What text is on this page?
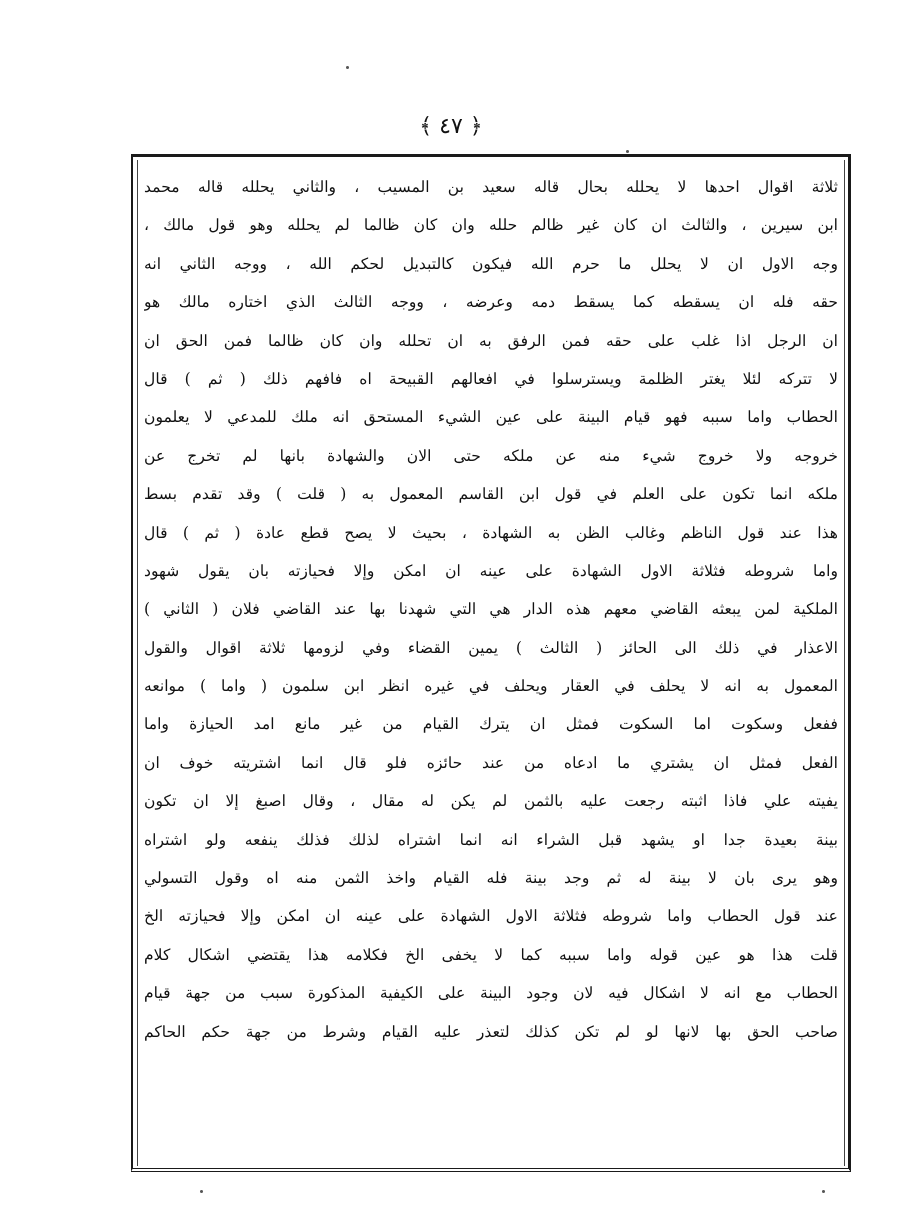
﴿ ٤٧ ﴾
ثلاثة اقوال احدها لا يحلله بحال قاله سعيد بن المسيب ، والثاني يحلله قاله محمد
ابن سيرين ، والثالث ان كان غير ظالم حلله وان كان ظالما لم يحلله وهو قول مالك ،
وجه الاول ان لا يحلل ما حرم الله فيكون كالتبديل لحكم الله ، ووجه الثاني انه
حقه فله ان يسقطه كما يسقط دمه وعرضه ، ووجه الثالث الذي اختاره مالك هو
ان الرجل اذا غلب على حقه فمن الرفق به ان تحلله وان كان ظالما فمن الحق ان
لا تتركه لئلا يغتر الظلمة ويسترسلوا في افعالهم القبيحة اه فافهم ذلك ( ثم ) قال
الحطاب واما سببه فهو قيام البينة على عين الشيء المستحق انه ملك للمدعي لا يعلمون
خروجه ولا خروج شيء منه عن ملكه حتى الان والشهادة بانها لم تخرج عن
ملكه انما تكون على العلم في قول ابن القاسم المعمول به ( قلت ) وقد تقدم بسط
هذا عند قول الناظم وغالب الظن به الشهادة ، بحيث لا يصح قطع عادة ( ثم ) قال
واما شروطه فثلاثة الاول الشهادة على عينه ان امكن وإلا فحيازته بان يقول شهود
الملكية لمن يبعثه القاضي معهم هذه الدار هي التي شهدنا بها عند القاضي فلان ( الثاني )
الاعذار في ذلك الى الحائز ( الثالث ) يمين القضاء وفي لزومها ثلاثة اقوال والقول
المعمول به انه لا يحلف في العقار ويحلف في غيره انظر ابن سلمون ( واما ) موانعه
ففعل وسكوت اما السكوت فمثل ان يترك القيام من غير مانع امد الحيازة واما
الفعل فمثل ان يشتري ما ادعاه من عند حائزه فلو قال انما اشتريته خوف ان
يفيته علي فاذا اثبته رجعت عليه بالثمن لم يكن له مقال ، وقال اصبغ إلا ان تكون
بينة بعيدة جدا او يشهد قبل الشراء انه انما اشتراه لذلك فذلك ينفعه ولو اشتراه
وهو يرى بان لا بينة له ثم وجد بينة فله القيام واخذ الثمن منه اه وقول التسولي
عند قول الحطاب واما شروطه فثلاثة الاول الشهادة على عينه ان امكن وإلا فحيازته الخ
قلت هذا هو عين قوله واما سببه كما لا يخفى الخ فكلامه هذا يقتضي اشكال كلام
الحطاب مع انه لا اشكال فيه لان وجود البينة على الكيفية المذكورة سبب من جهة قيام
صاحب الحق بها لانها لو لم تكن كذلك لتعذر عليه القيام وشرط من جهة حكم الحاكم
